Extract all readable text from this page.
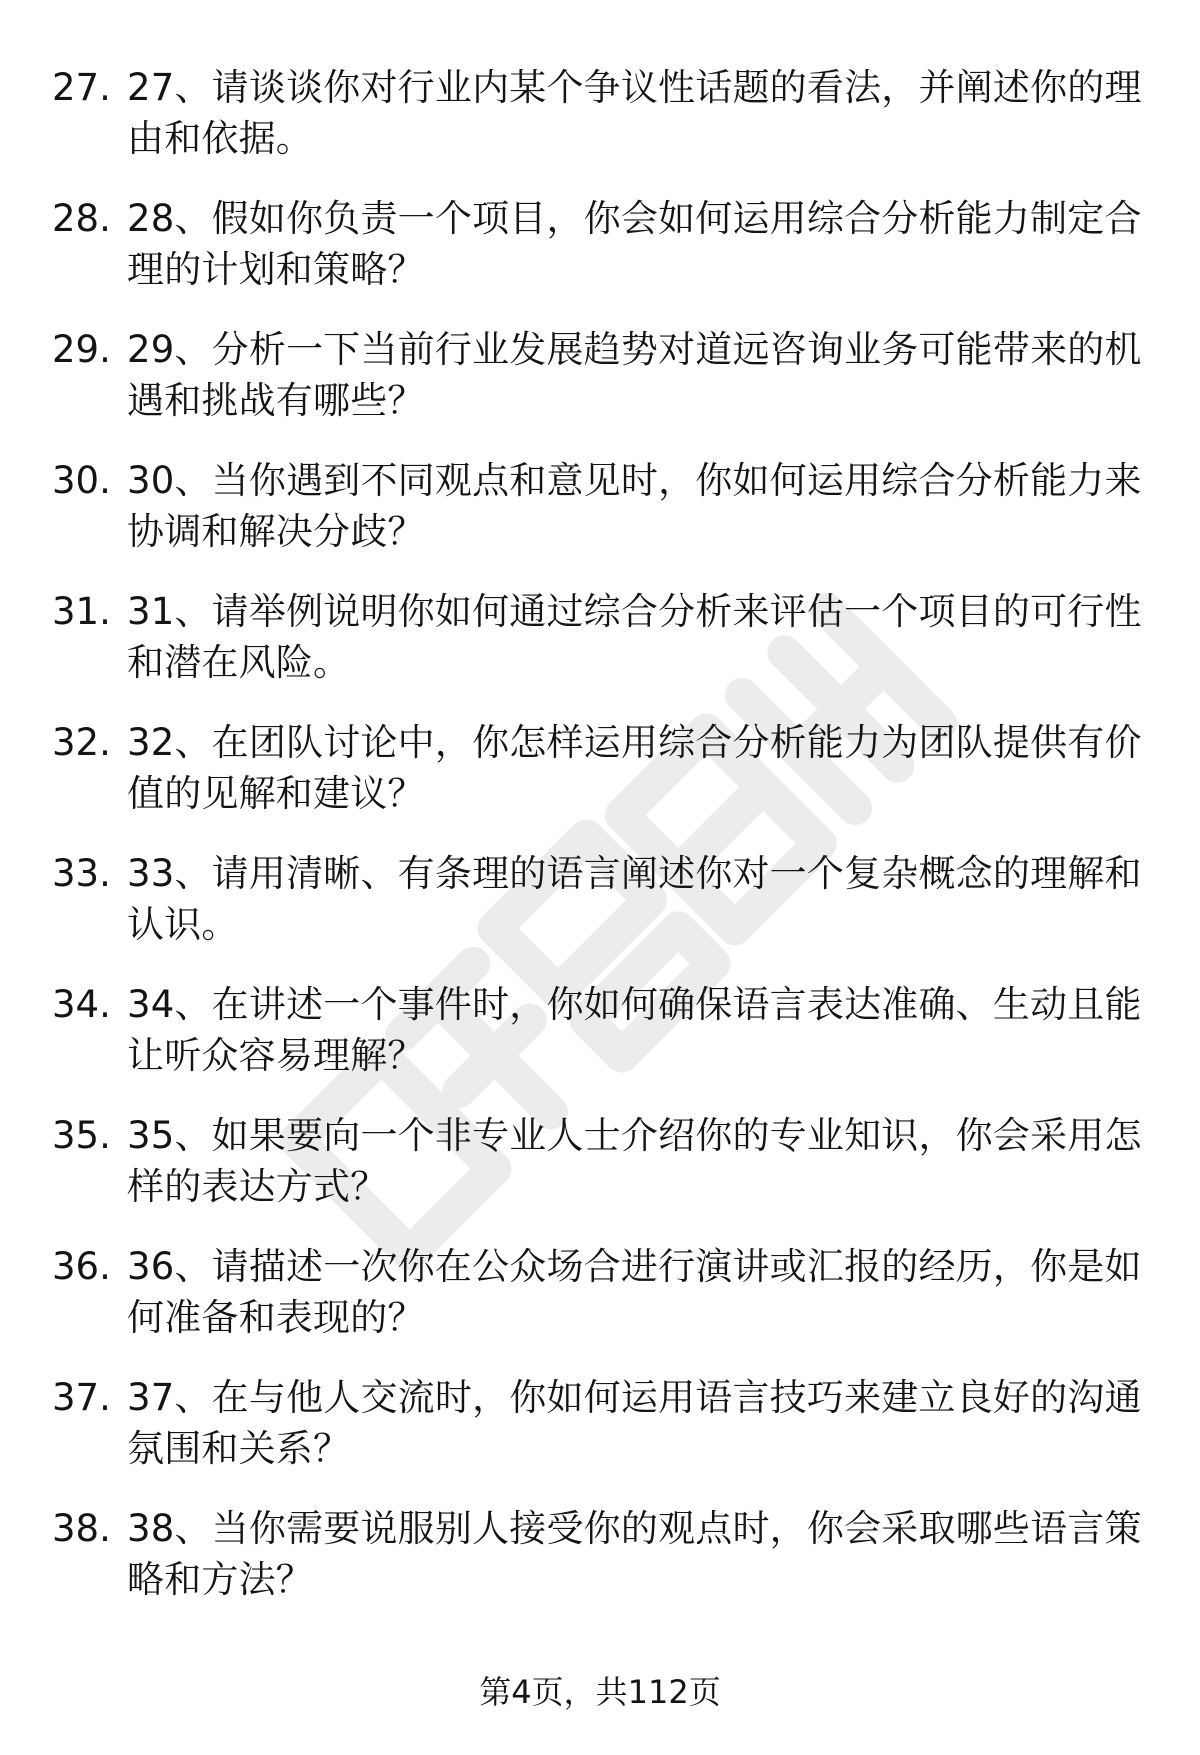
27. 27、请谈谈你对行业内某个争议性话题的看法，并阐述你的理由和依据。
28. 28、假如你负责一个项目，你会如何运用综合分析能力制定合理的计划和策略？
29. 29、分析一下当前行业发展趋势对道远咨询业务可能带来的机遇和挑战有哪些？
30. 30、当你遇到不同观点和意见时，你如何运用综合分析能力来协调和解决分歧？
31. 31、请举例说明你如何通过综合分析来评估一个项目的可行性和潜在风险。
32. 32、在团队讨论中，你怎样运用综合分析能力为团队提供有价值的见解和建议？
33. 33、请用清晰、有条理的语言阐述你对一个复杂概念的理解和认识。
34. 34、在讲述一个事件时，你如何确保语言表达准确、生动且能让听众容易理解？
35. 35、如果要向一个非专业人士介绍你的专业知识，你会采用怎样的表达方式？
36. 36、请描述一次你在公众场合进行演讲或汇报的经历，你是如何准备和表现的？
37. 37、在与他人交流时，你如何运用语言技巧来建立良好的沟通氛围和关系？
38. 38、当你需要说服别人接受你的观点时，你会采取哪些语言策略和方法？
第4页，共112页
